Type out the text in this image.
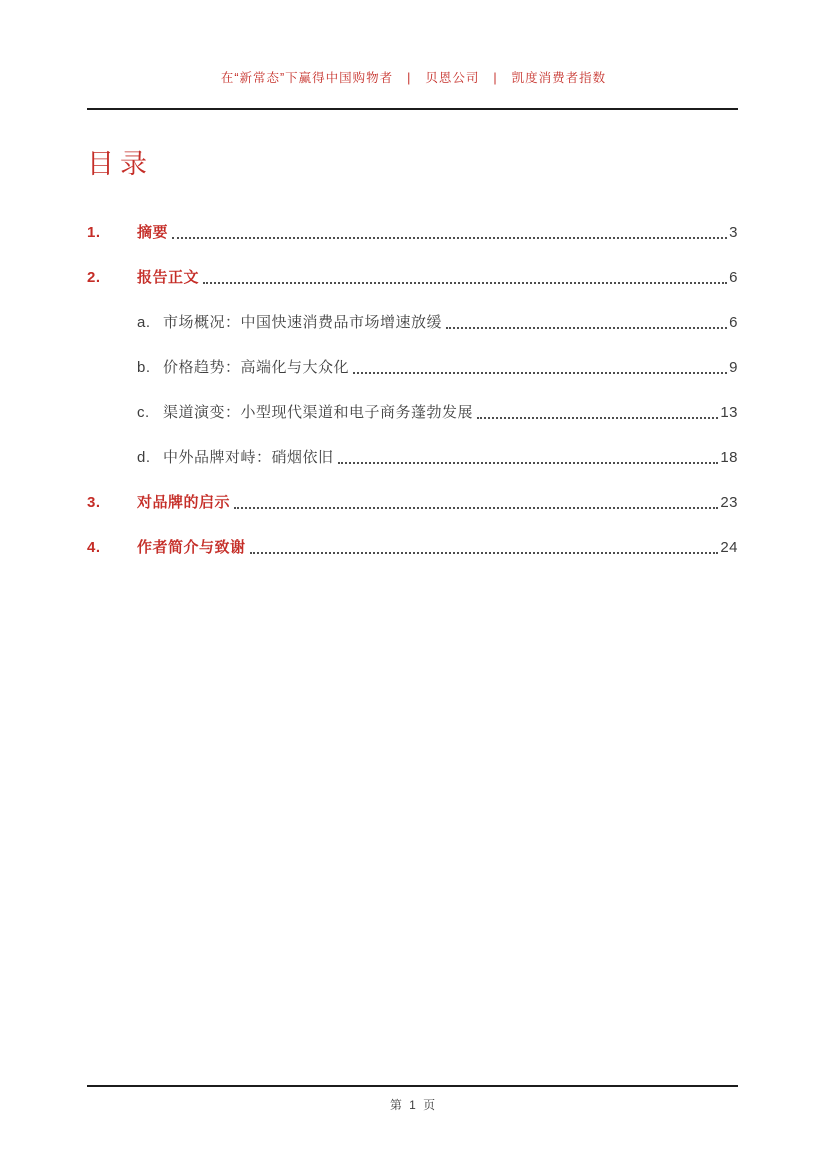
在“新常态”下赢得中国购物者 | 贝恩公司 | 凯度消费者指数
目录
1.	摘要	3
2.	报告正文	6
a. 市场概况：中国快速消费品市场增速放缓	6
b. 价格趋势：高端化与大众化	9
c. 渠道演变：小型现代渠道和电子商务蓬勃发展	13
d. 中外品牌对峙：硝烟依旧	18
3.	对品牌的启示	23
4.	作者简介与致谢	24
第 1 页
